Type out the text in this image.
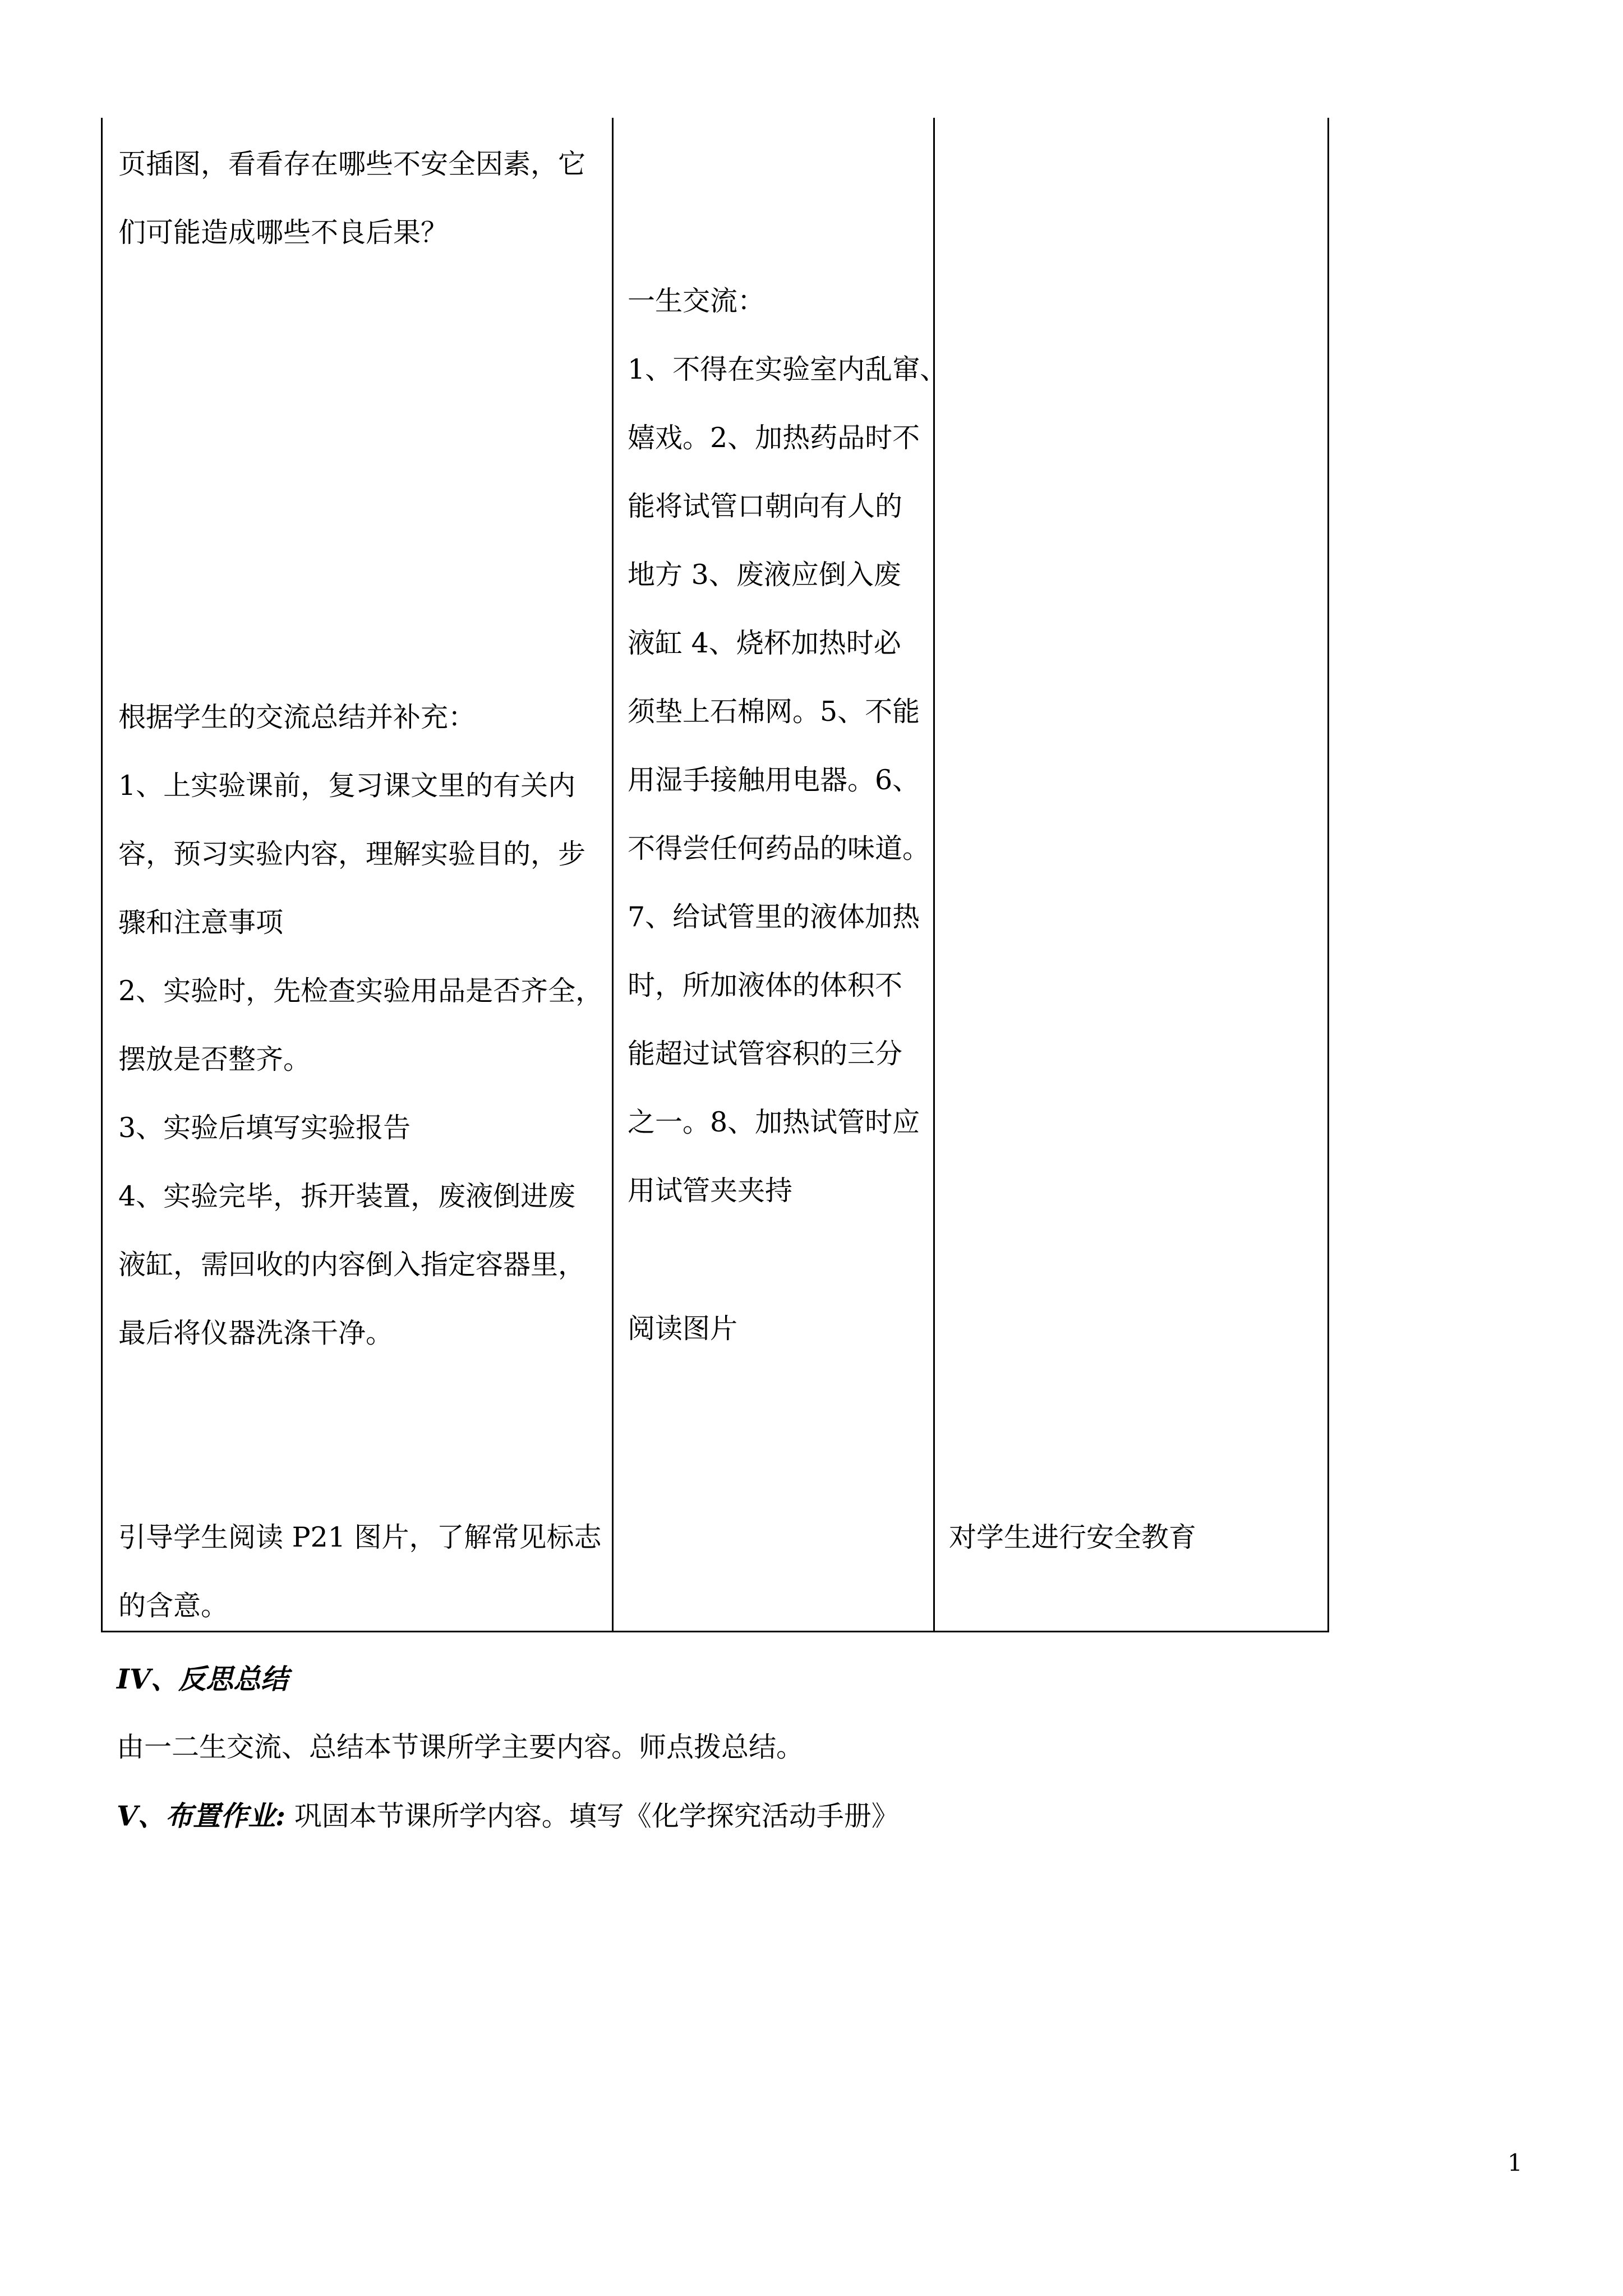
页插图，看看存在哪些不安全因素，它
们可能造成哪些不良后果？
根据学生的交流总结并补充：
1、上实验课前，复习课文里的有关内
容，预习实验内容，理解实验目的，步
骤和注意事项
2、实验时，先检查实验用品是否齐全，
摆放是否整齐。
3、实验后填写实验报告
4、实验完毕，拆开装置，废液倒进废
液缸，需回收的内容倒入指定容器里，
最后将仪器洗涤干净。
引导学生阅读 P21 图片，了解常见标志
的含意。
一生交流：
1、不得在实验室内乱窜、
嬉戏。2、加热药品时不
能将试管口朝向有人的
地方 3、废液应倒入废
液缸 4、烧杯加热时必
须垫上石棉网。5、不能
用湿手接触用电器。6、
不得尝任何药品的味道。
7、给试管里的液体加热
时，所加液体的体积不
能超过试管容积的三分
之一。8、加热试管时应
用试管夹夹持
阅读图片
对学生进行安全教育
IV、反思总结
由一二生交流、总结本节课所学主要内容。师点拨总结。
V、布置作业: 巩固本节课所学内容。填写《化学探究活动手册》
1
